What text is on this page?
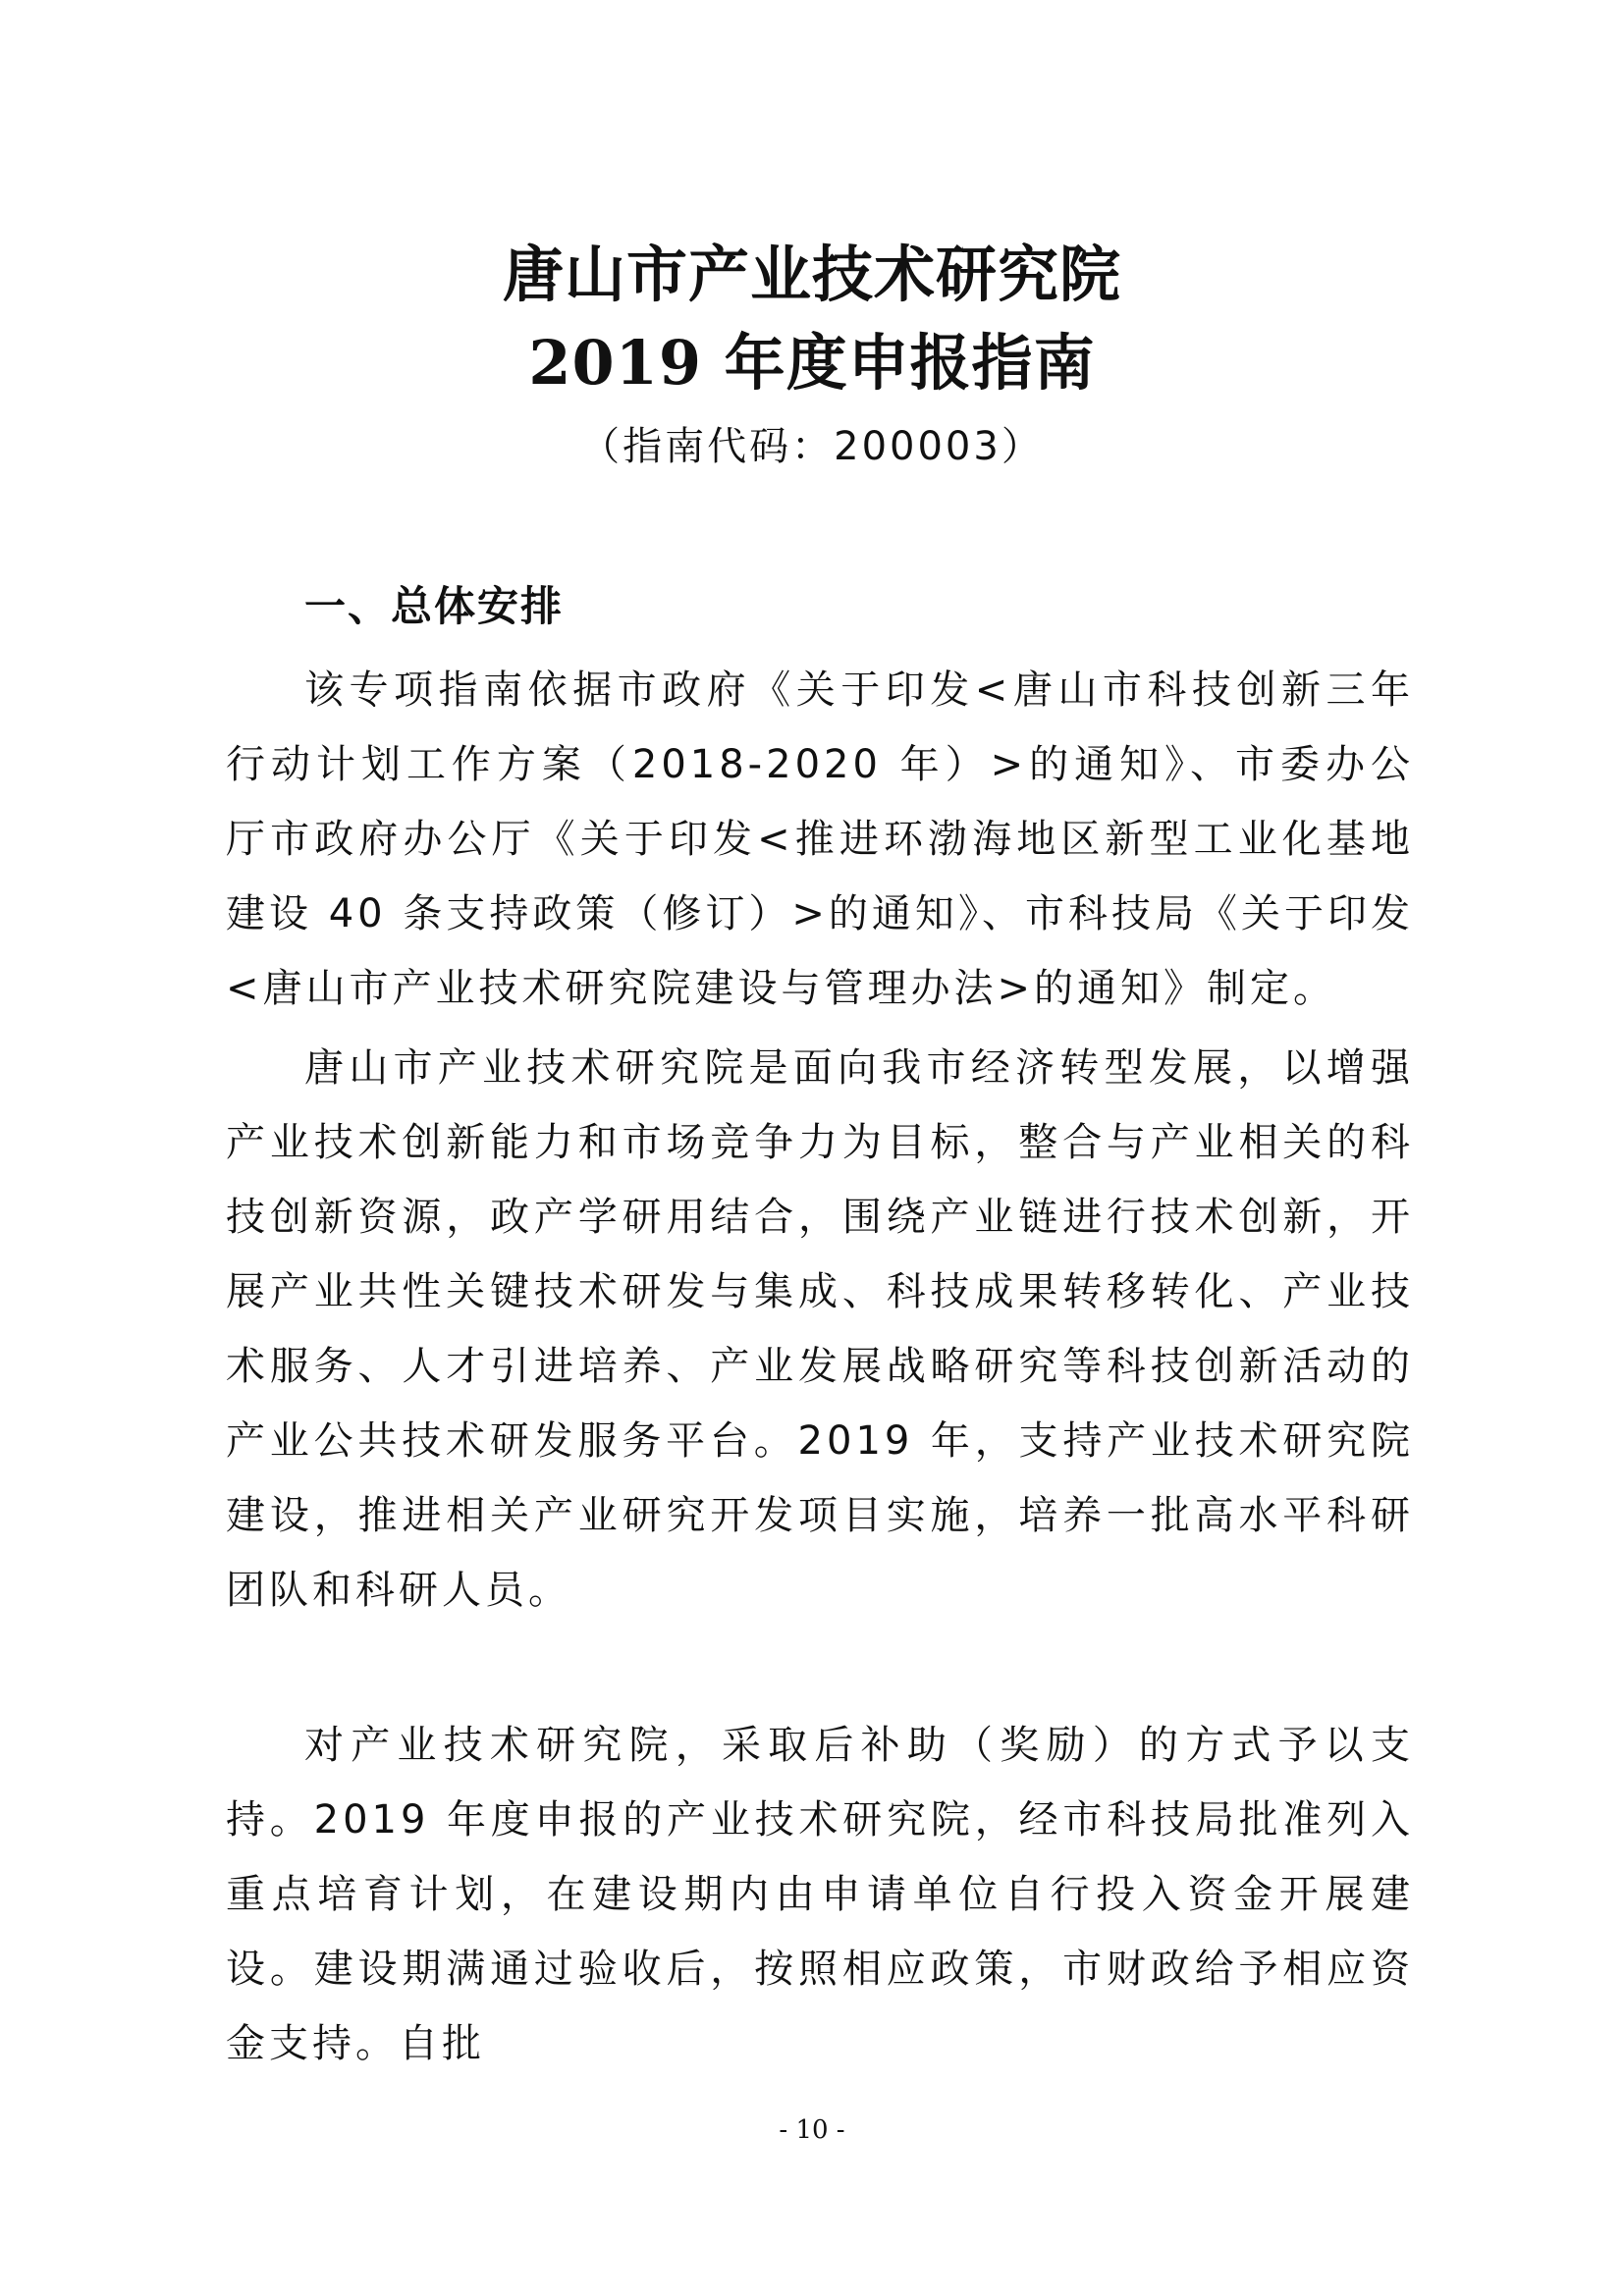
唐山市产业技术研究院
2019 年度申报指南
（指南代码：200003）
一、总体安排

该专项指南依据市政府《关于印发<唐山市科技创新三年行动计划工作方案（2018-2020 年）>的通知》、市委办公厅市政府办公厅《关于印发<推进环渤海地区新型工业化基地建设 40 条支持政策（修订）>的通知》、市科技局《关于印发<唐山市产业技术研究院建设与管理办法>的通知》制定。

唐山市产业技术研究院是面向我市经济转型发展，以增强产业技术创新能力和市场竞争力为目标，整合与产业相关的科技创新资源，政产学研用结合，围绕产业链进行技术创新，开展产业共性关键技术研发与集成、科技成果转移转化、产业技术服务、人才引进培养、产业发展战略研究等科技创新活动的产业公共技术研发服务平台。2019 年，支持产业技术研究院建设，推进相关产业研究开发项目实施，培养一批高水平科研团队和科研人员。

对产业技术研究院，采取后补助（奖励）的方式予以支持。2019 年度申报的产业技术研究院，经市科技局批准列入重点培育计划，在建设期内由申请单位自行投入资金开展建设。建设期满通过验收后，按照相应政策，市财政给予相应资金支持。自批

- 10 -
